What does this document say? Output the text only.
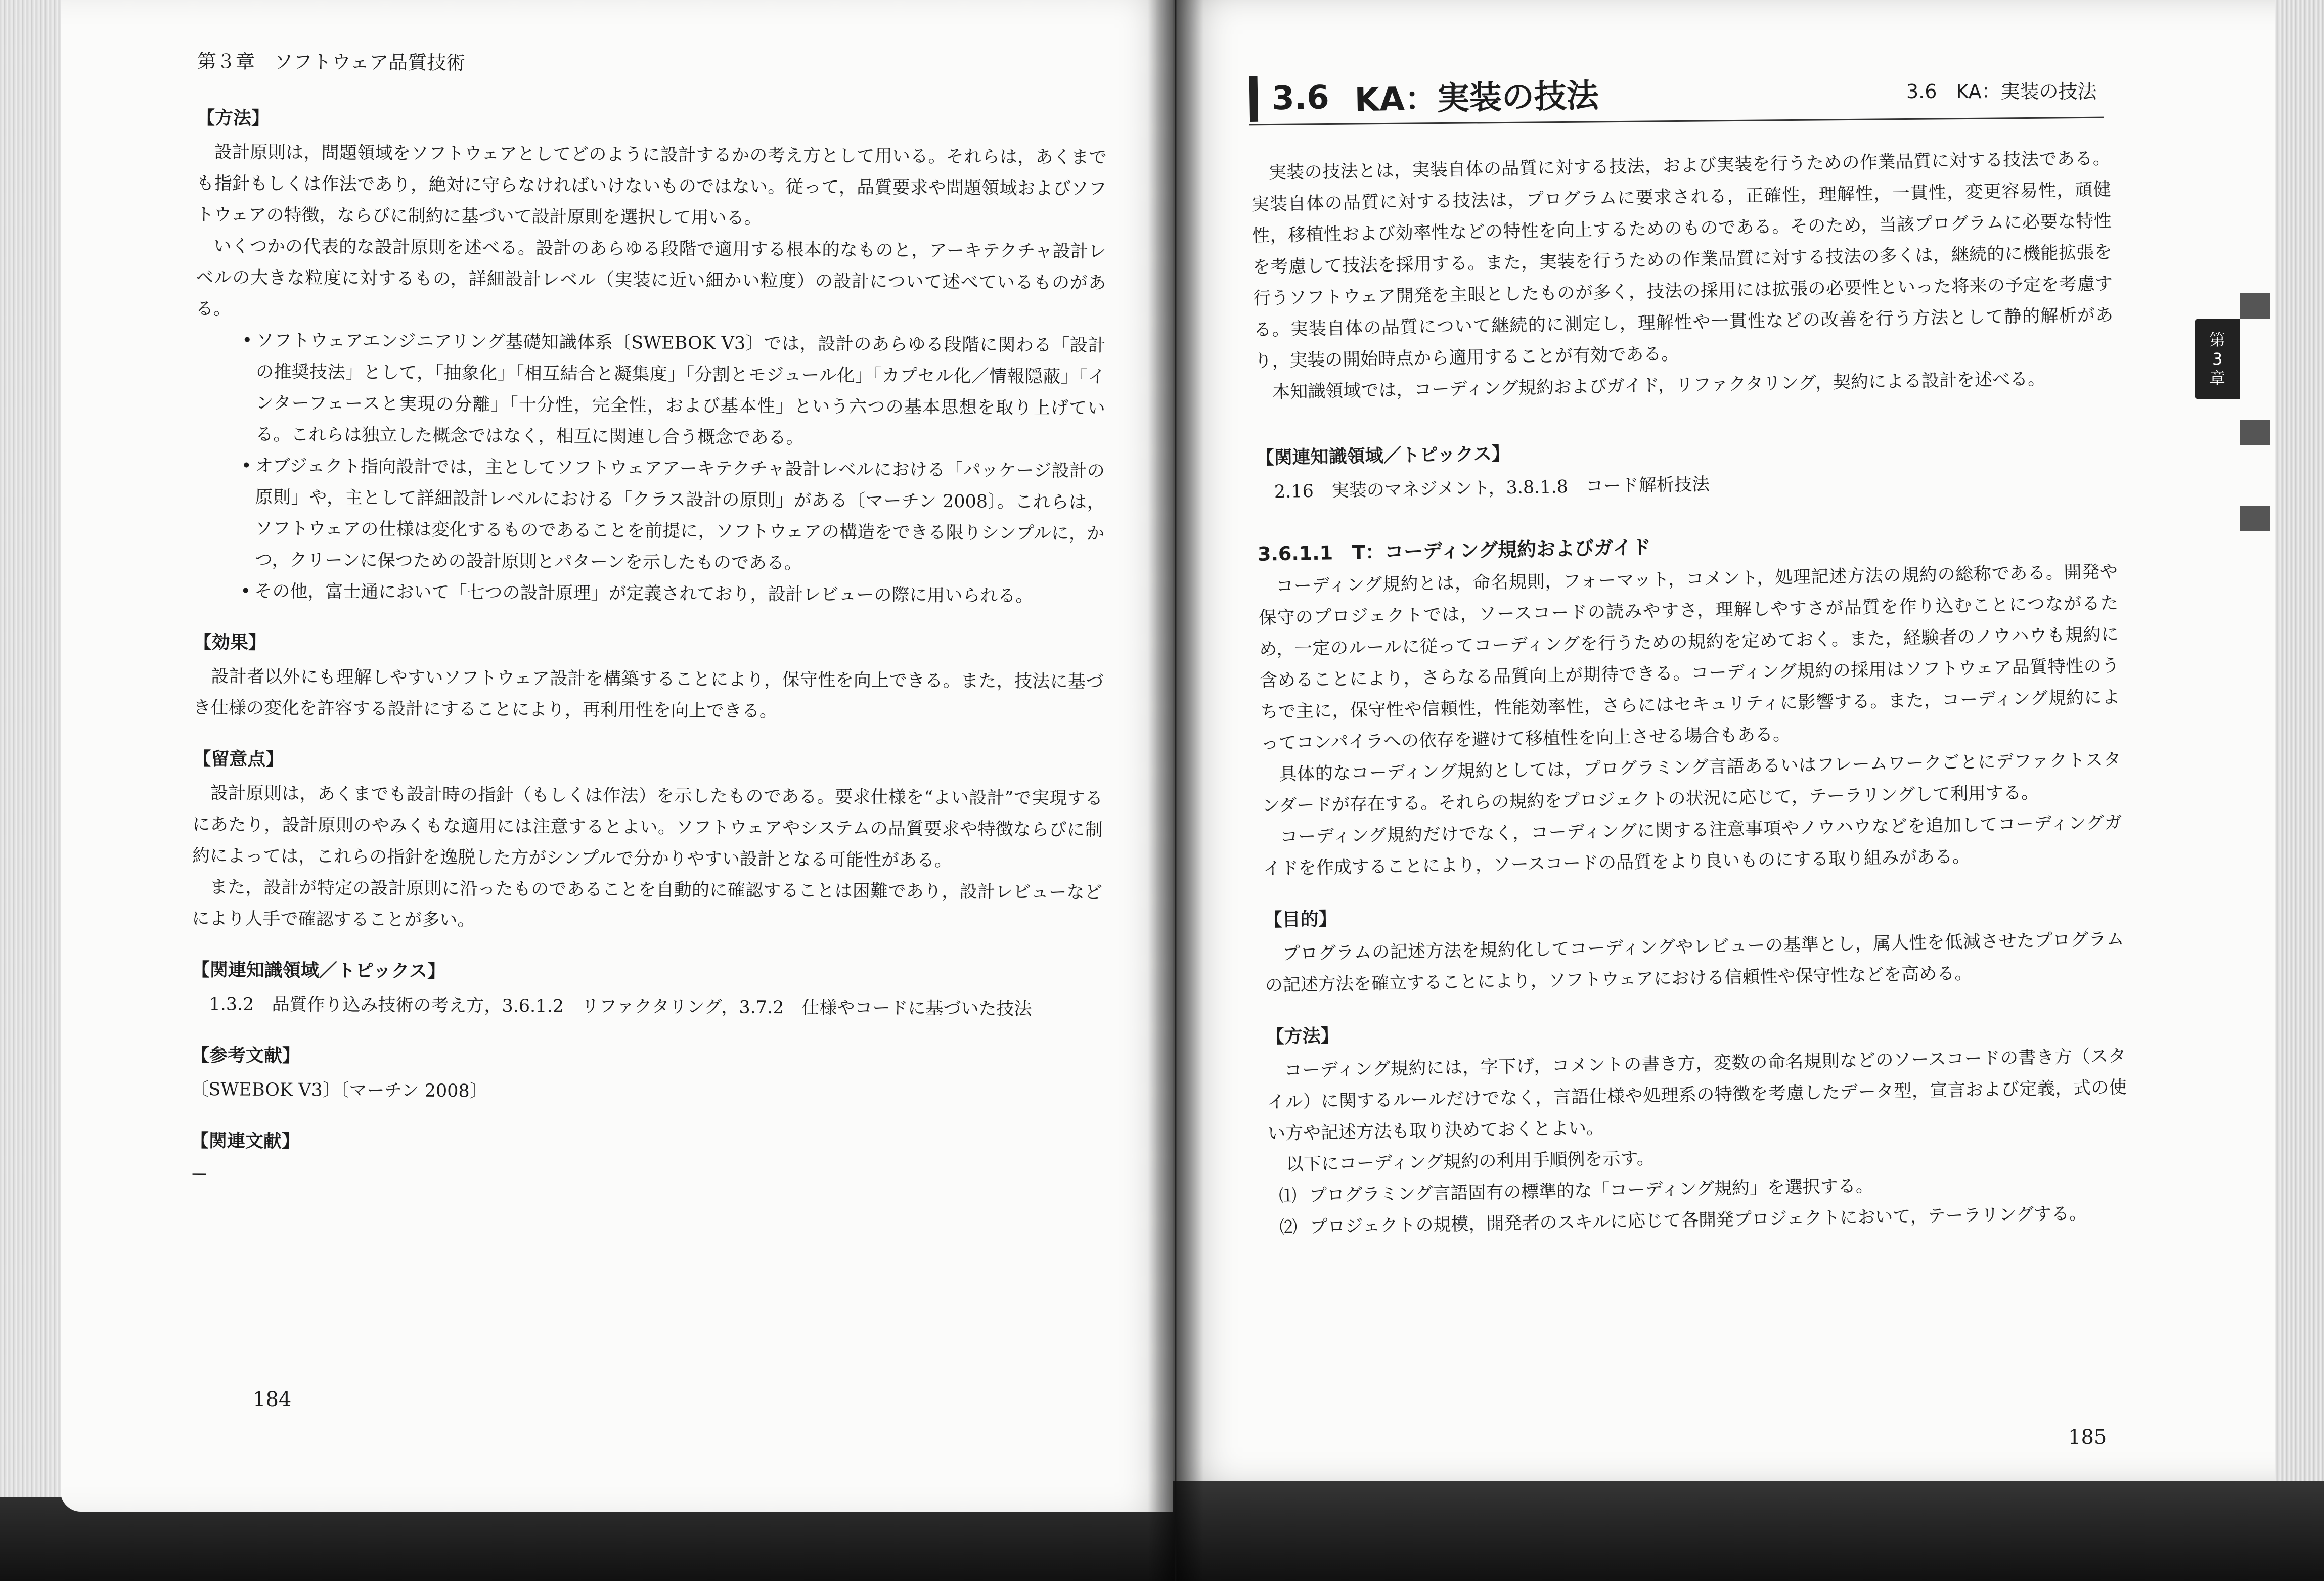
第３章　ソフトウェア品質技術
【方法】

設計原則は，問題領域をソフトウェアとしてどのように設計するかの考え方として用いる。それらは，あくまでも指針もしくは作法であり，絶対に守らなければいけないものではない。従って，品質要求や問題領域およびソフトウェアの特徴，ならびに制約に基づいて設計原則を選択して用いる。

いくつかの代表的な設計原則を述べる。設計のあらゆる段階で適用する根本的なものと，アーキテクチャ設計レベルの大きな粒度に対するもの，詳細設計レベル（実装に近い細かい粒度）の設計について述べているものがある。

• ソフトウェアエンジニアリング基礎知識体系〔SWEBOK V3〕では，設計のあらゆる段階に関わる「設計の推奨技法」として，「抽象化」「相互結合と凝集度」「分割とモジュール化」「カプセル化／情報隠蔽」「インターフェースと実現の分離」「十分性，完全性，および基本性」という六つの基本思想を取り上げている。これらは独立した概念ではなく，相互に関連し合う概念である。
• オブジェクト指向設計では，主としてソフトウェアアーキテクチャ設計レベルにおける「パッケージ設計の原則」や，主として詳細設計レベルにおける「クラス設計の原則」がある〔マーチン 2008〕。これらは，ソフトウェアの仕様は変化するものであることを前提に，ソフトウェアの構造をできる限りシンプルに，かつ，クリーンに保つための設計原則とパターンを示したものである。
• その他，富士通において「七つの設計原理」が定義されており，設計レビューの際に用いられる。
【効果】

設計者以外にも理解しやすいソフトウェア設計を構築することにより，保守性を向上できる。また，技法に基づき仕様の変化を許容する設計にすることにより，再利用性を向上できる。

【留意点】

設計原則は，あくまでも設計時の指針（もしくは作法）を示したものである。要求仕様を“よい設計”で実現するにあたり，設計原則のやみくもな適用には注意するとよい。ソフトウェアやシステムの品質要求や特徴ならびに制約によっては，これらの指針を逸脱した方がシンプルで分かりやすい設計となる可能性がある。

また，設計が特定の設計原則に沿ったものであることを自動的に確認することは困難であり，設計レビューなどにより人手で確認することが多い。

【関連知識領域／トピックス】
1.3.2　品質作り込み技術の考え方，3.6.1.2　リファクタリング，3.7.2　仕様やコードに基づいた技法
【参考文献】
〔SWEBOK V3〕〔マーチン 2008〕
【関連文献】
－
184
3.6　KA：実装の技法
3.6 KA：実装の技法

実装の技法とは，実装自体の品質に対する技法，および実装を行うための作業品質に対する技法である。実装自体の品質に対する技法は，プログラムに要求される，正確性，理解性，一貫性，変更容易性，頑健性，移植性および効率性などの特性を向上するためのものである。そのため，当該プログラムに必要な特性を考慮して技法を採用する。また，実装を行うための作業品質に対する技法の多くは，継続的に機能拡張を行うソフトウェア開発を主眼としたものが多く，技法の採用には拡張の必要性といった将来の予定を考慮する。実装自体の品質について継続的に測定し，理解性や一貫性などの改善を行う方法として静的解析があり，実装の開始時点から適用することが有効である。

本知識領域では，コーディング規約およびガイド，リファクタリング，契約による設計を述べる。

【関連知識領域／トピックス】
2.16　実装のマネジメント，3.8.1.8　コード解析技法
3.6.1.1　T：コーディング規約およびガイド

コーディング規約とは，命名規則，フォーマット，コメント，処理記述方法の規約の総称である。開発や保守のプロジェクトでは，ソースコードの読みやすさ，理解しやすさが品質を作り込むことにつながるため，一定のルールに従ってコーディングを行うための規約を定めておく。また，経験者のノウハウも規約に含めることにより，さらなる品質向上が期待できる。コーディング規約の採用はソフトウェア品質特性のうちで主に，保守性や信頼性，性能効率性，さらにはセキュリティに影響する。また，コーディング規約によってコンパイラへの依存を避けて移植性を向上させる場合もある。

具体的なコーディング規約としては，プログラミング言語あるいはフレームワークごとにデファクトスタンダードが存在する。それらの規約をプロジェクトの状況に応じて，テーラリングして利用する。

コーディング規約だけでなく，コーディングに関する注意事項やノウハウなどを追加してコーディングガイドを作成することにより，ソースコードの品質をより良いものにする取り組みがある。

【目的】

プログラムの記述方法を規約化してコーディングやレビューの基準とし，属人性を低減させたプログラムの記述方法を確立することにより，ソフトウェアにおける信頼性や保守性などを高める。

【方法】

コーディング規約には，字下げ，コメントの書き方，変数の命名規則などのソースコードの書き方（スタイル）に関するルールだけでなく，言語仕様や処理系の特徴を考慮したデータ型，宣言および定義，式の使い方や記述方法も取り決めておくとよい。

以下にコーディング規約の利用手順例を示す。

⑴ プログラミング言語固有の標準的な「コーディング規約」を選択する。
⑵ プロジェクトの規模，開発者のスキルに応じて各開発プロジェクトにおいて，テーラリングする。
185
第
3
章
